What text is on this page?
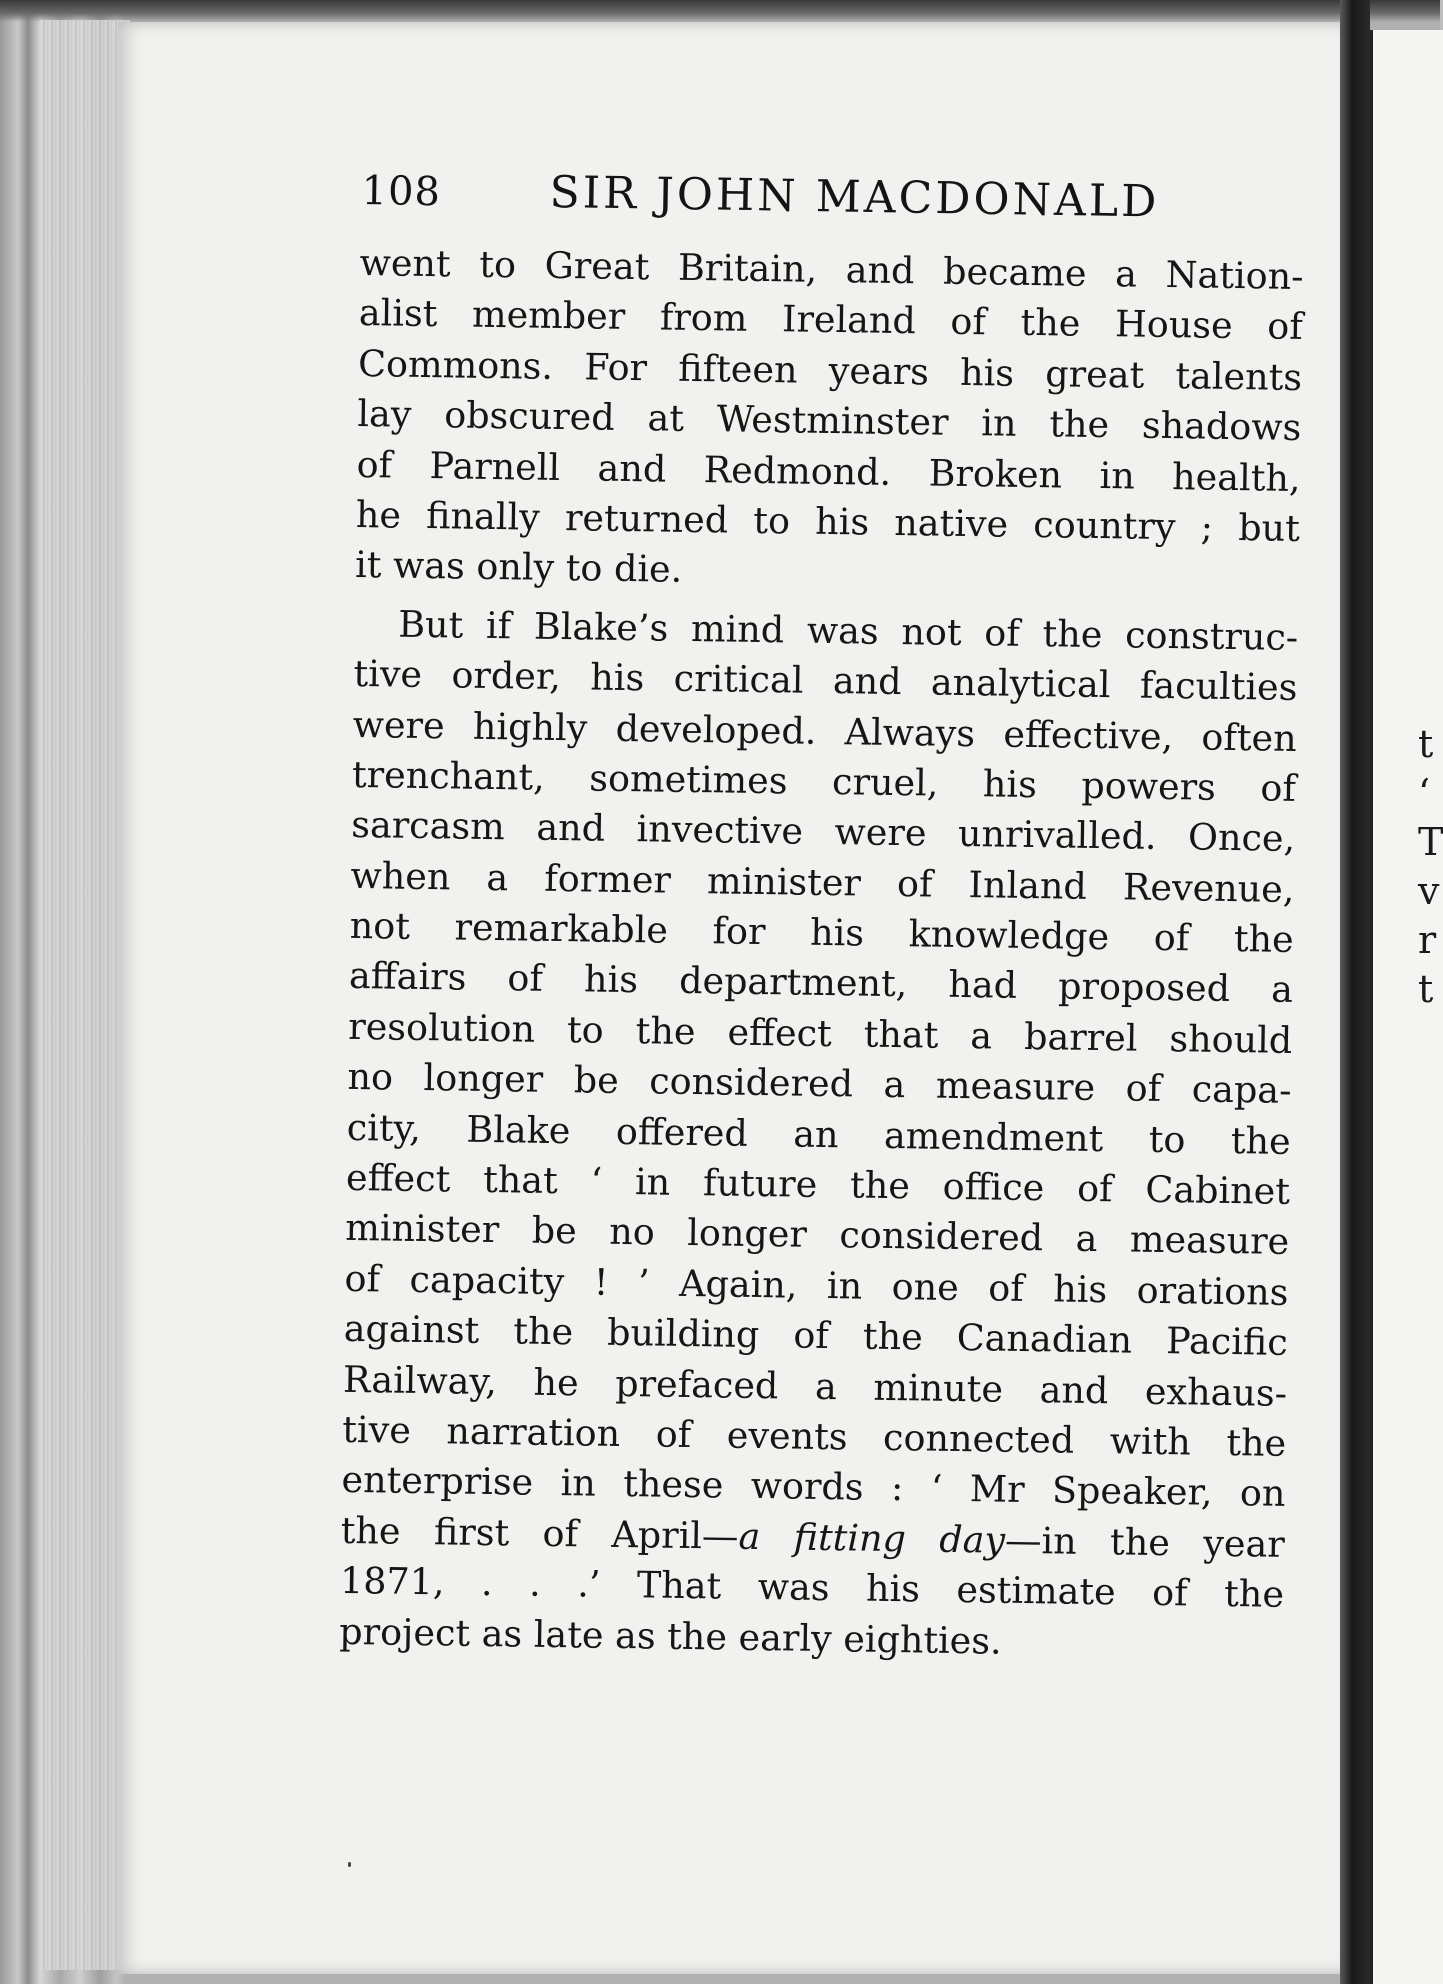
t
‘
T
v
r
t
108 SIR JOHN MACDONALD
went to Great Britain, and became a Nation-
alist member from Ireland of the House of
Commons. For fifteen years his great talents
lay obscured at Westminster in the shadows
of Parnell and Redmond. Broken in health,
he finally returned to his native country ; but
it was only to die.
But if Blake’s mind was not of the construc-
tive order, his critical and analytical faculties
were highly developed. Always effective, often
trenchant, sometimes cruel, his powers of
sarcasm and invective were unrivalled. Once,
when a former minister of Inland Revenue,
not remarkable for his knowledge of the
affairs of his department, had proposed a
resolution to the effect that a barrel should
no longer be considered a measure of capa-
city, Blake offered an amendment to the
effect that ‘ in future the office of Cabinet
minister be no longer considered a measure
of capacity ! ’ Again, in one of his orations
against the building of the Canadian Pacific
Railway, he prefaced a minute and exhaus-
tive narration of events connected with the
enterprise in these words : ‘ Mr Speaker, on
the first of April—a fitting day—in the year
1871, . . .’ That was his estimate of the
project as late as the early eighties.
